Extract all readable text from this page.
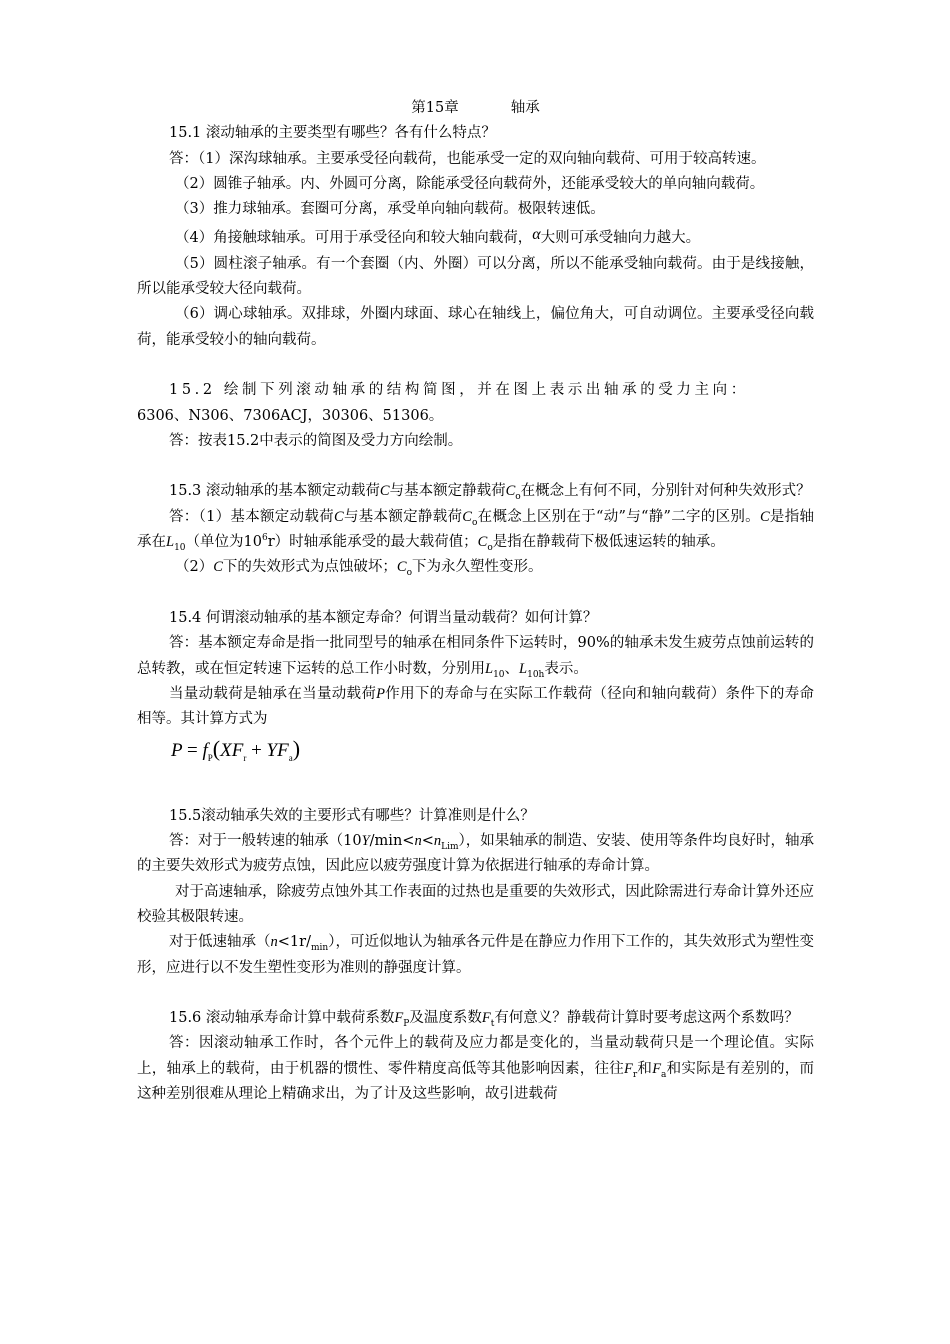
第15章	轴承

15.1 滚动轴承的主要类型有哪些？各有什么特点？

答：（1）深沟球轴承。主要承受径向载荷，也能承受一定的双向轴向载荷、可用于较高转速。

（2）圆锥子轴承。内、外圆可分离，除能承受径向载荷外，还能承受较大的单向轴向载荷。

（3）推力球轴承。套圈可分离，承受单向轴向载荷。极限转速低。

（4）角接触球轴承。可用于承受径向和较大轴向载荷，α大则可承受轴向力越大。

（5）圆柱滚子轴承。有一个套圈（内、外圈）可以分离，所以不能承受轴向载荷。由于是线接触，所以能承受较大径向载荷。

（6）调心球轴承。双排球，外圈内球面、球心在轴线上，偏位角大，可自动调位。主要承受径向载荷，能承受较小的轴向载荷。

15.2 绘制下列滚动轴承的结构简图，并在图上表示出轴承的受力主向：

6306、N306、7306ACJ，30306、51306。

答：按表15.2中表示的简图及受力方向绘制。

15.3 滚动轴承的基本额定动载荷C与基本额定静载荷$C_o$在概念上有何不同，分别针对何种失效形式？

答：（1）基本额定动载荷C与基本额定静载荷$C_o$在概念上区别在于“动”与“静”二字的区别。C是指轴承在$L_{10}$（单位为$10^6r$）时轴承能承受的最大载荷值；$C_o$是指在静载荷下极低速运转的轴承。

（2）C下的失效形式为点蚀破坏；$C_o$下为永久塑性变形。

15.4 何谓滚动轴承的基本额定寿命？何谓当量动载荷？如何计算？

答：基本额定寿命是指一批同型号的轴承在相同条件下运转时，90%的轴承未发生疲劳点蚀前运转的总转教，或在恒定转速下运转的总工作小时数，分别用$L_{10}$、$L_{10h}$表示。

当量动载荷是轴承在当量动载荷P作用下的寿命与在实际工作载荷（径向和轴向载荷）条件下的寿命相等。其计算方式为

$P = f_P(XF_r + YF_a)$

15.5滚动轴承失效的主要形式有哪些？计算准则是什么？

答：对于一般转速的轴承$(10Y/\min<n<n_{Lim})$，如果轴承的制造、安装、使用等条件均良好时，轴承的主要失效形式为疲劳点蚀，因此应以疲劳强度计算为依据进行轴承的寿命计算。

对于高速轴承，除疲劳点蚀外其工作表面的过热也是重要的失效形式，因此除需进行寿命计算外还应校验其极限转速。

对于低速轴承$(n<1r/_{min})$，可近似地认为轴承各元件是在静应力作用下工作的，其失效形式为塑性变形，应进行以不发生塑性变形为准则的静强度计算。

15.6 滚动轴承寿命计算中载荷系数$F_P$及温度系数$F_t$有何意义？静载荷计算时要考虑这两个系数吗？

答：因滚动轴承工作时，各个元件上的载荷及应力都是变化的，当量动载荷只是一个理论值。实际上，轴承上的载荷，由于机器的惯性、零件精度高低等其他影响因素，往往$F_r$和$F_a$和实际是有差别的，而这种差别很难从理论上精确求出，为了计及这些影响，故引进载荷
